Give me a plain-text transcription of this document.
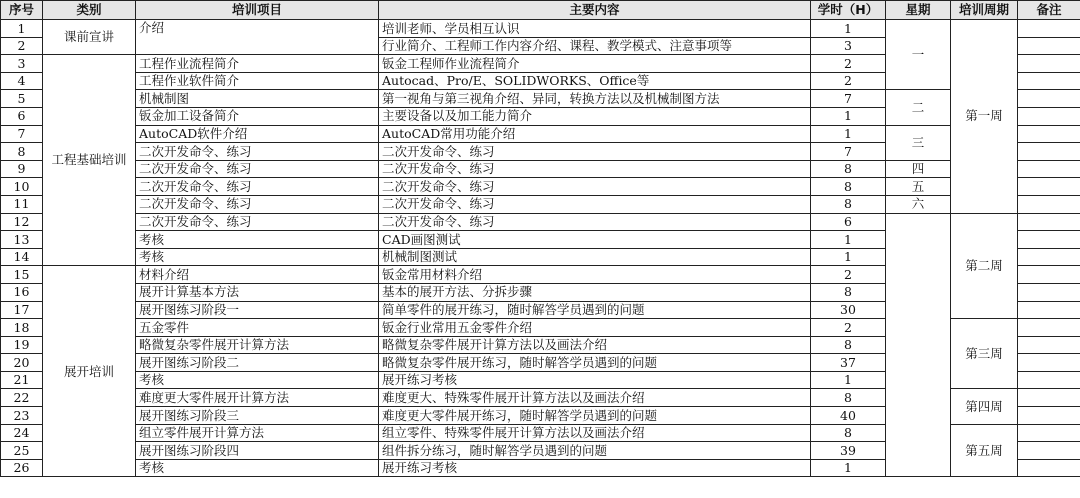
序号	类别	培训项目	主要内容	学时（H）	星期	培训周期	备注
1	课前宣讲	介绍	培训老师、学员相互认识	1	一	第一周	
2			行业简介、工程师工作内容介绍、课程、教学模式、注意事项等	3			
3	工程基础培训	工程作业流程简介	钣金工程师作业流程简介	2			
4		工程作业软件简介	Autocad、Pro/E、SOLIDWORKS、Office等	2			
5		机械制图	第一视角与第三视角介绍、异同，转换方法以及机械制图方法	7	二		
6		钣金加工设备简介	主要设备以及加工能力简介	1			
7		AutoCAD软件介绍	AutoCAD常用功能介绍	1	三		
8		二次开发命令、练习	二次开发命令、练习	7			
9		二次开发命令、练习	二次开发命令、练习	8	四		
10		二次开发命令、练习	二次开发命令、练习	8	五		
11		二次开发命令、练习	二次开发命令、练习	8	六		
12		二次开发命令、练习	二次开发命令、练习	6		第二周	
13		考核	CAD画图测试	1			
14		考核	机械制图测试	1			
15	展开培训	材料介绍	钣金常用材料介绍	2			
16		展开计算基本方法	基本的展开方法、分拆步骤	8			
17		展开图练习阶段一	简单零件的展开练习，随时解答学员遇到的问题	30			
18		五金零件	钣金行业常用五金零件介绍	2		第三周	
19		略微复杂零件展开计算方法	略微复杂零件展开计算方法以及画法介绍	8			
20		展开图练习阶段二	略微复杂零件展开练习，随时解答学员遇到的问题	37			
21		考核	展开练习考核	1			
22		难度更大零件展开计算方法	难度更大、特殊零件展开计算方法以及画法介绍	8		第四周	
23		展开图练习阶段三	难度更大零件展开练习，随时解答学员遇到的问题	40			
24		组立零件展开计算方法	组立零件、特殊零件展开计算方法以及画法介绍	8		第五周	
25		展开图练习阶段四	组件拆分练习，随时解答学员遇到的问题	39			
26		考核	展开练习考核	1			
